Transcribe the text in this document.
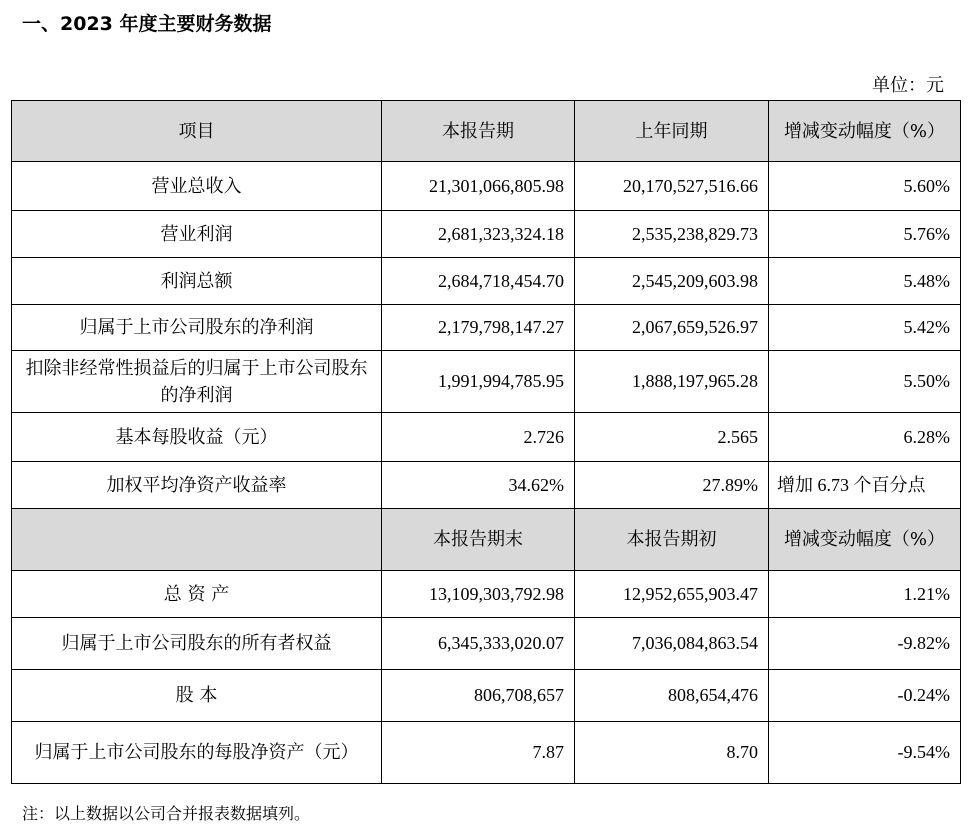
一、2023 年度主要财务数据
单位：元
项目	本报告期	上年同期	增减变动幅度（%）
营业总收入	21,301,066,805.98	20,170,527,516.66	5.60%
营业利润	2,681,323,324.18	2,535,238,829.73	5.76%
利润总额	2,684,718,454.70	2,545,209,603.98	5.48%
归属于上市公司股东的净利润	2,179,798,147.27	2,067,659,526.97	5.42%
扣除非经常性损益后的归属于上市公司股东的净利润	1,991,994,785.95	1,888,197,965.28	5.50%
基本每股收益（元）	2.726	2.565	6.28%
加权平均净资产收益率	34.62%	27.89%	增加 6.73 个百分点
	本报告期末	本报告期初	增减变动幅度（%）
总 资 产	13,109,303,792.98	12,952,655,903.47	1.21%
归属于上市公司股东的所有者权益	6,345,333,020.07	7,036,084,863.54	-9.82%
股 本	806,708,657	808,654,476	-0.24%
归属于上市公司股东的每股净资产（元）	7.87	8.70	-9.54%
注：以上数据以公司合并报表数据填列。
